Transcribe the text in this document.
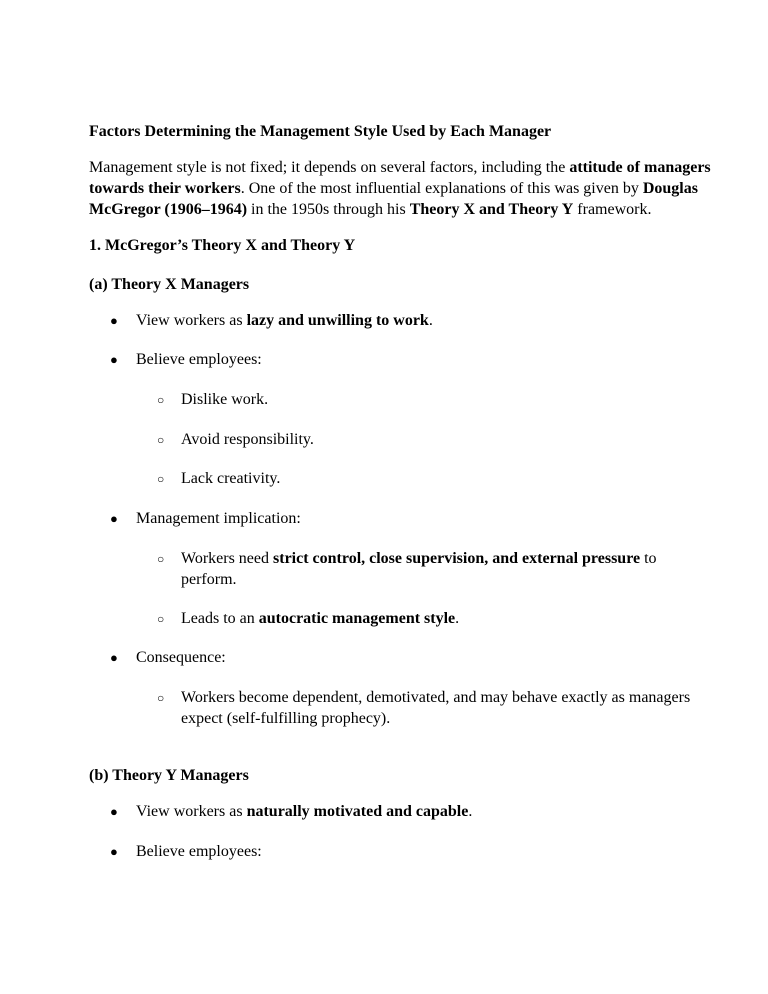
Factors Determining the Management Style Used by Each Manager
Management style is not fixed; it depends on several factors, including the attitude of managers
towards their workers. One of the most influential explanations of this was given by Douglas
McGregor (1906–1964) in the 1950s through his Theory X and Theory Y framework.
1. McGregor’s Theory X and Theory Y
(a) Theory X Managers
● View workers as lazy and unwilling to work.
● Believe employees:
○ Dislike work.
○ Avoid responsibility.
○ Lack creativity.
● Management implication:
○ Workers need strict control, close supervision, and external pressure to
perform.
○ Leads to an autocratic management style.
● Consequence:
○ Workers become dependent, demotivated, and may behave exactly as managers
expect (self-fulfilling prophecy).
(b) Theory Y Managers
● View workers as naturally motivated and capable.
● Believe employees:
